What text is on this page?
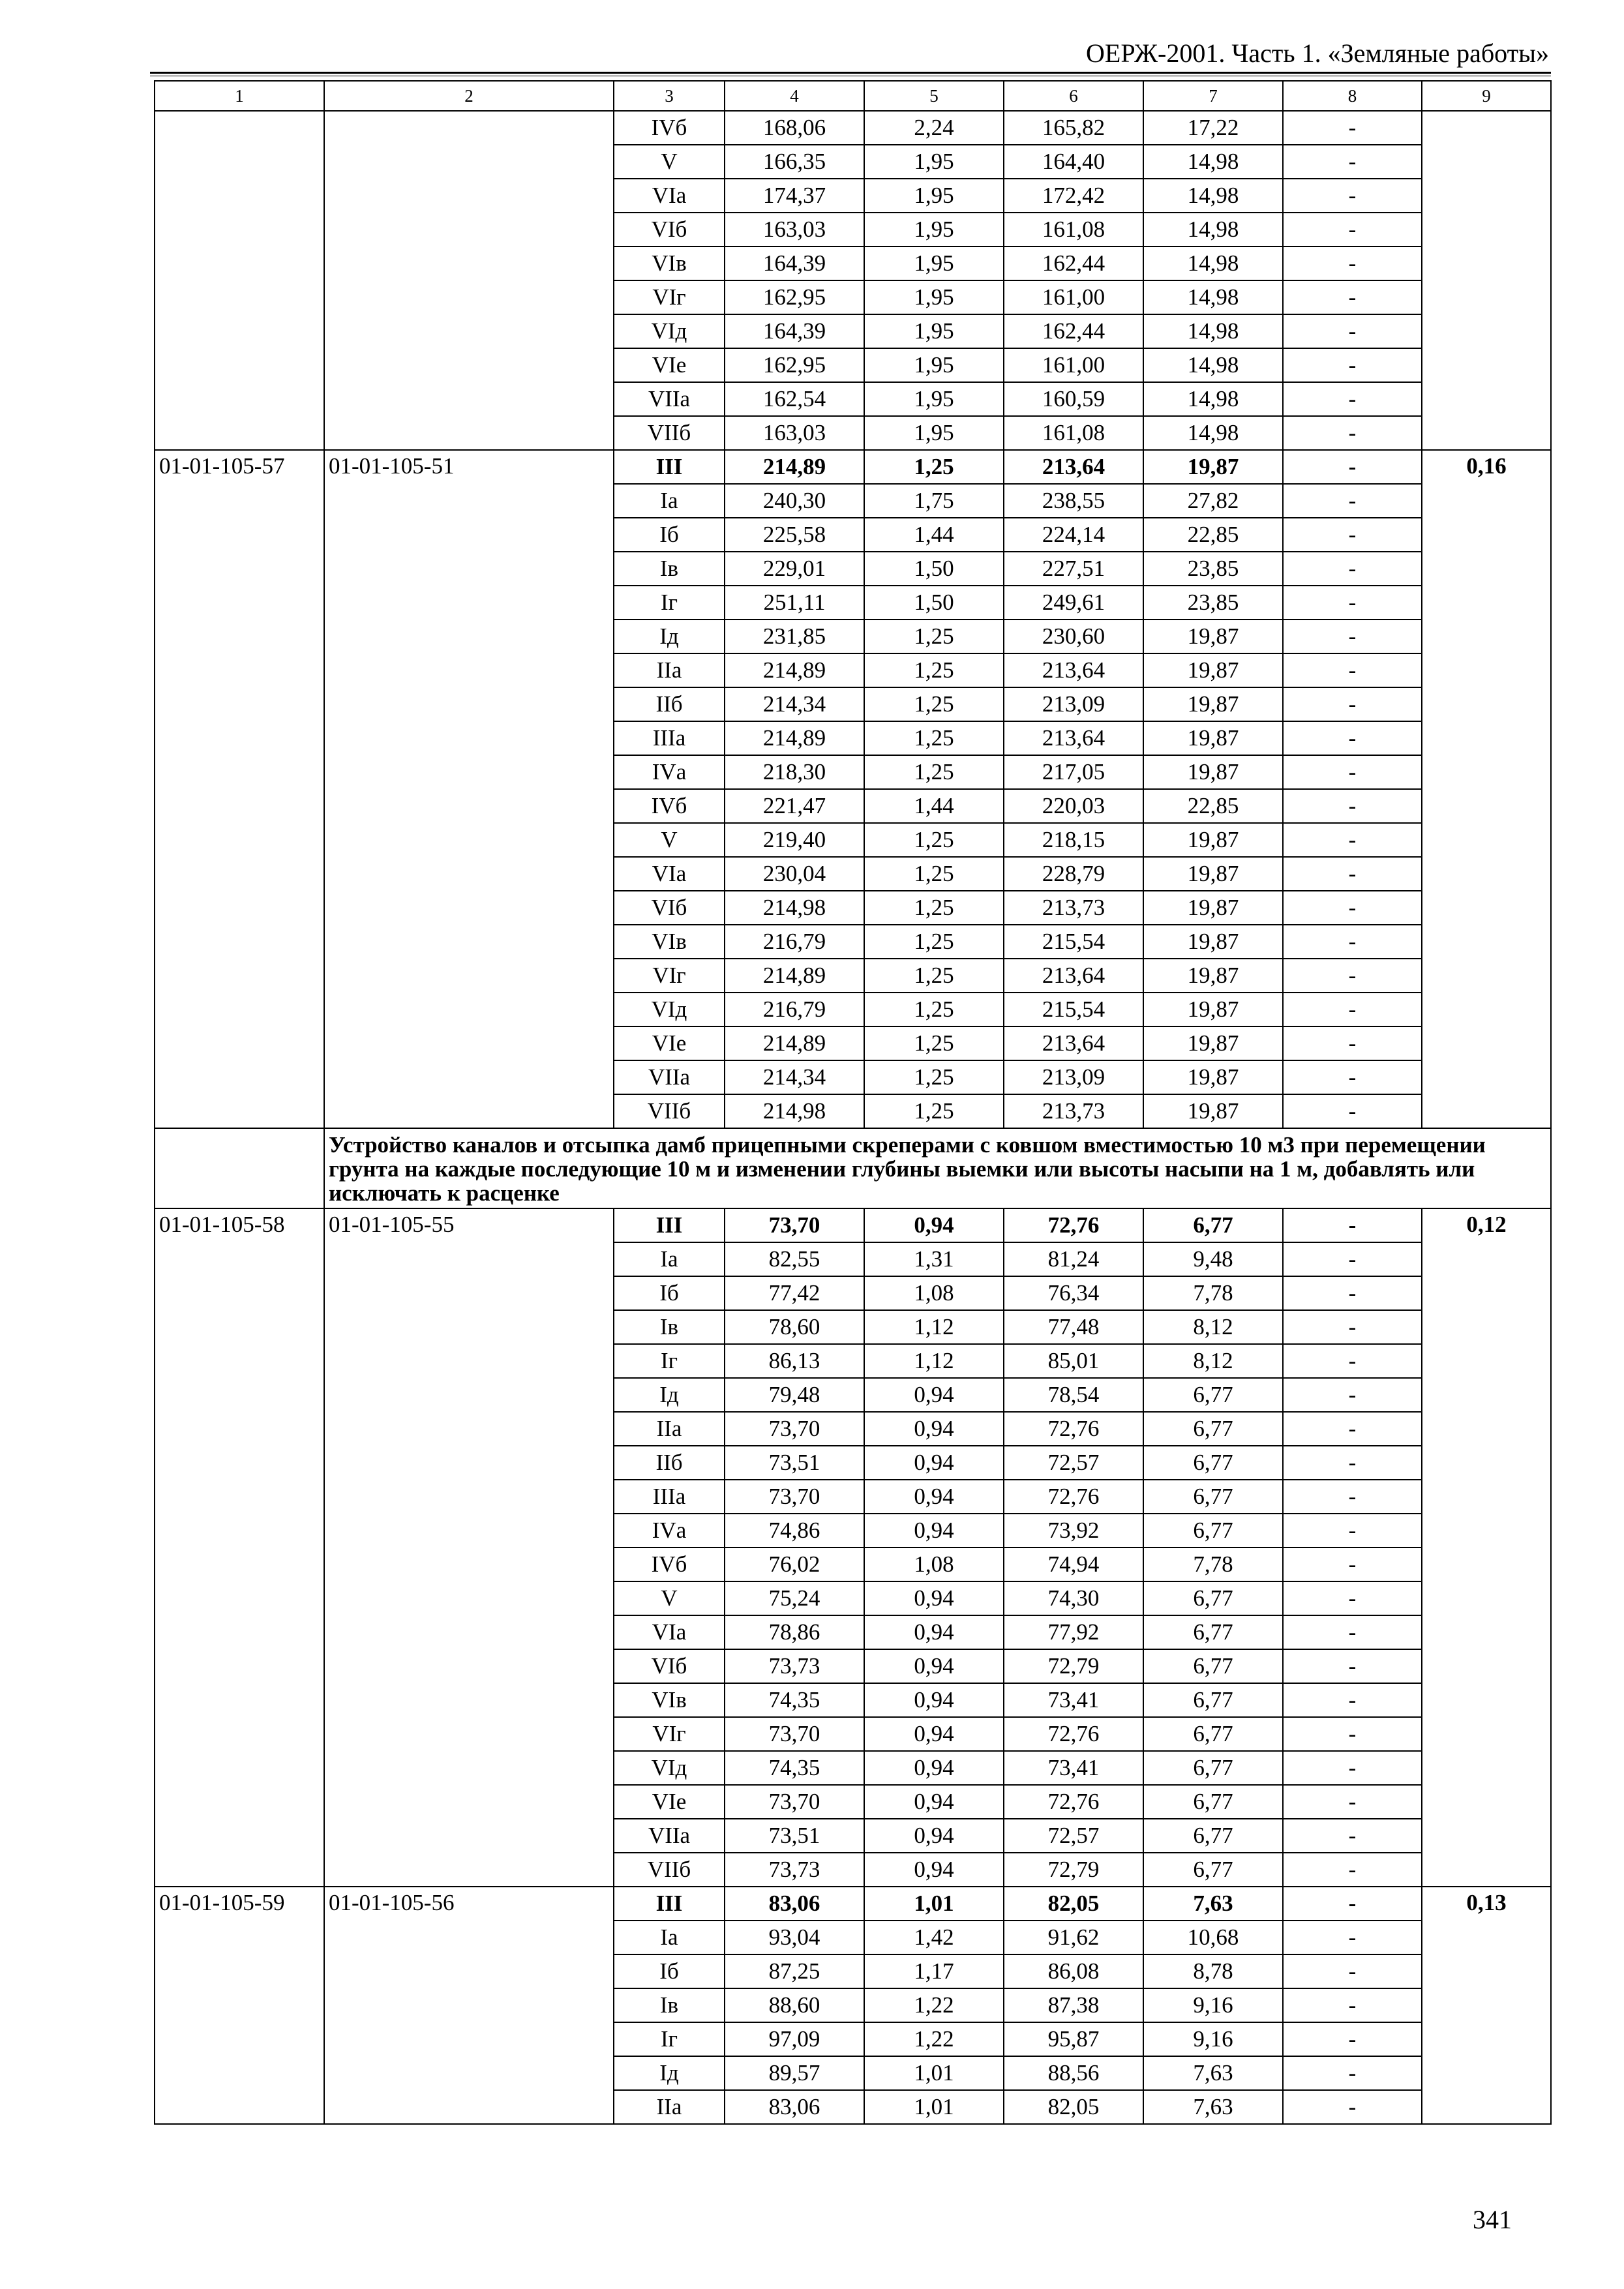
ОЕРЖ-2001. Часть 1. «Земляные работы»
1	2	3	4	5	6	7	8	9
		IVб	168,06	2,24	165,82	17,22	-	
		V	166,35	1,95	164,40	14,98	-	
		VIа	174,37	1,95	172,42	14,98	-	
		VIб	163,03	1,95	161,08	14,98	-	
		VIв	164,39	1,95	162,44	14,98	-	
		VIг	162,95	1,95	161,00	14,98	-	
		VIд	164,39	1,95	162,44	14,98	-	
		VIе	162,95	1,95	161,00	14,98	-	
		VIIа	162,54	1,95	160,59	14,98	-	
		VIIб	163,03	1,95	161,08	14,98	-	
01-01-105-57	01-01-105-51	III	214,89	1,25	213,64	19,87	-	0,16
		Iа	240,30	1,75	238,55	27,82	-	
		Iб	225,58	1,44	224,14	22,85	-	
		Iв	229,01	1,50	227,51	23,85	-	
		Iг	251,11	1,50	249,61	23,85	-	
		Iд	231,85	1,25	230,60	19,87	-	
		IIа	214,89	1,25	213,64	19,87	-	
		IIб	214,34	1,25	213,09	19,87	-	
		IIIа	214,89	1,25	213,64	19,87	-	
		IVа	218,30	1,25	217,05	19,87	-	
		IVб	221,47	1,44	220,03	22,85	-	
		V	219,40	1,25	218,15	19,87	-	
		VIа	230,04	1,25	228,79	19,87	-	
		VIб	214,98	1,25	213,73	19,87	-	
		VIв	216,79	1,25	215,54	19,87	-	
		VIг	214,89	1,25	213,64	19,87	-	
		VIд	216,79	1,25	215,54	19,87	-	
		VIе	214,89	1,25	213,64	19,87	-	
		VIIа	214,34	1,25	213,09	19,87	-	
		VIIб	214,98	1,25	213,73	19,87	-	
	Устройство каналов и отсыпка дамб прицепными скреперами с ковшом вместимостью 10 м3 при перемещении грунта на каждые последующие 10 м и изменении глубины выемки или высоты насыпи на 1 м, добавлять или исключать к расценке							
01-01-105-58	01-01-105-55	III	73,70	0,94	72,76	6,77	-	0,12
		Iа	82,55	1,31	81,24	9,48	-	
		Iб	77,42	1,08	76,34	7,78	-	
		Iв	78,60	1,12	77,48	8,12	-	
		Iг	86,13	1,12	85,01	8,12	-	
		Iд	79,48	0,94	78,54	6,77	-	
		IIа	73,70	0,94	72,76	6,77	-	
		IIб	73,51	0,94	72,57	6,77	-	
		IIIа	73,70	0,94	72,76	6,77	-	
		IVа	74,86	0,94	73,92	6,77	-	
		IVб	76,02	1,08	74,94	7,78	-	
		V	75,24	0,94	74,30	6,77	-	
		VIа	78,86	0,94	77,92	6,77	-	
		VIб	73,73	0,94	72,79	6,77	-	
		VIв	74,35	0,94	73,41	6,77	-	
		VIг	73,70	0,94	72,76	6,77	-	
		VIд	74,35	0,94	73,41	6,77	-	
		VIе	73,70	0,94	72,76	6,77	-	
		VIIа	73,51	0,94	72,57	6,77	-	
		VIIб	73,73	0,94	72,79	6,77	-	
01-01-105-59	01-01-105-56	III	83,06	1,01	82,05	7,63	-	0,13
		Iа	93,04	1,42	91,62	10,68	-	
		Iб	87,25	1,17	86,08	8,78	-	
		Iв	88,60	1,22	87,38	9,16	-	
		Iг	97,09	1,22	95,87	9,16	-	
		Iд	89,57	1,01	88,56	7,63	-	
		IIа	83,06	1,01	82,05	7,63	-	
341
